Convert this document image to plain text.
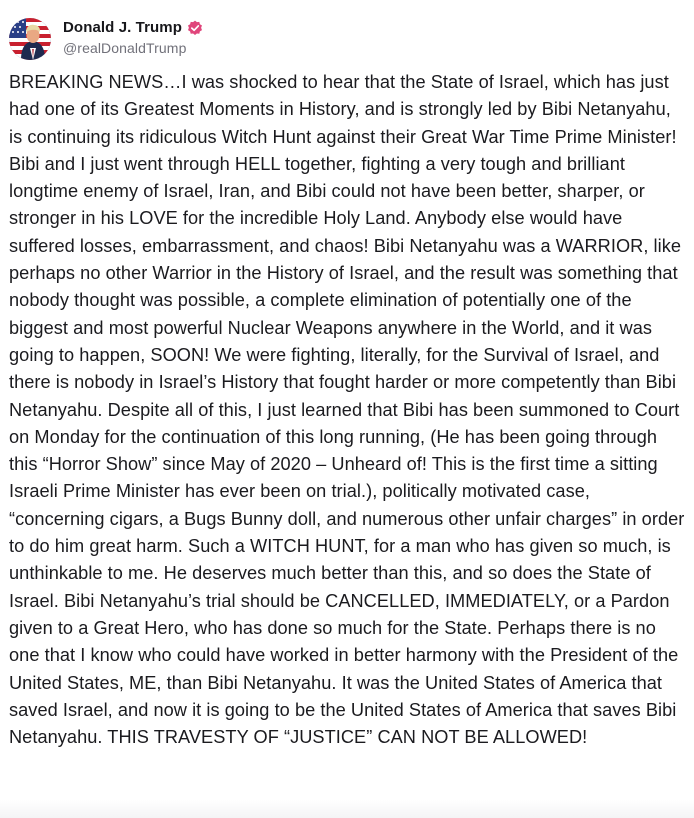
Donald J. Trump
@realDonaldTrump

BREAKING NEWS…I was shocked to hear that the State of Israel, which has just had one of its Greatest Moments in History, and is strongly led by Bibi Netanyahu, is continuing its ridiculous Witch Hunt against their Great War Time Prime Minister! Bibi and I just went through HELL together, fighting a very tough and brilliant longtime enemy of Israel, Iran, and Bibi could not have been better, sharper, or stronger in his LOVE for the incredible Holy Land. Anybody else would have suffered losses, embarrassment, and chaos! Bibi Netanyahu was a WARRIOR, like perhaps no other Warrior in the History of Israel, and the result was something that nobody thought was possible, a complete elimination of potentially one of the biggest and most powerful Nuclear Weapons anywhere in the World, and it was going to happen, SOON! We were fighting, literally, for the Survival of Israel, and there is nobody in Israel’s History that fought harder or more competently than Bibi Netanyahu. Despite all of this, I just learned that Bibi has been summoned to Court on Monday for the continuation of this long running, (He has been going through this “Horror Show” since May of 2020 – Unheard of! This is the first time a sitting Israeli Prime Minister has ever been on trial.), politically motivated case, “concerning cigars, a Bugs Bunny doll, and numerous other unfair charges” in order to do him great harm. Such a WITCH HUNT, for a man who has given so much, is unthinkable to me. He deserves much better than this, and so does the State of Israel. Bibi Netanyahu’s trial should be CANCELLED, IMMEDIATELY, or a Pardon given to a Great Hero, who has done so much for the State. Perhaps there is no one that I know who could have worked in better harmony with the President of the United States, ME, than Bibi Netanyahu. It was the United States of America that saved Israel, and now it is going to be the United States of America that saves Bibi Netanyahu. THIS TRAVESTY OF “JUSTICE” CAN NOT BE ALLOWED!
